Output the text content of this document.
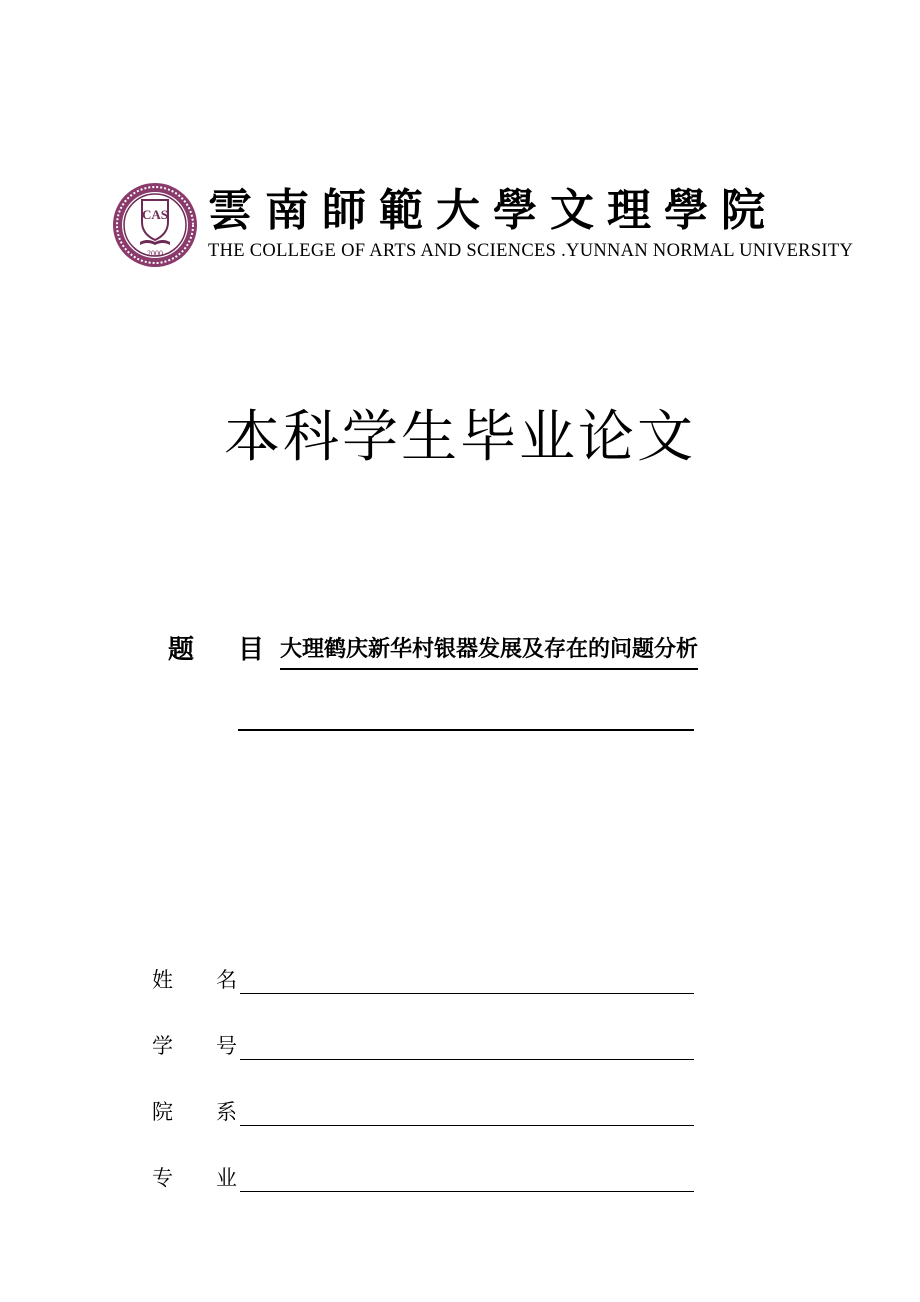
CAS
2000
雲南師範大學文理學院
THE COLLEGE OF ARTS AND SCIENCES .YUNNAN NORMAL UNIVERSITY
本科学生毕业论文
题目
大理鹤庆新华村银器发展及存在的问题分析
姓名
学号
院系
专业
